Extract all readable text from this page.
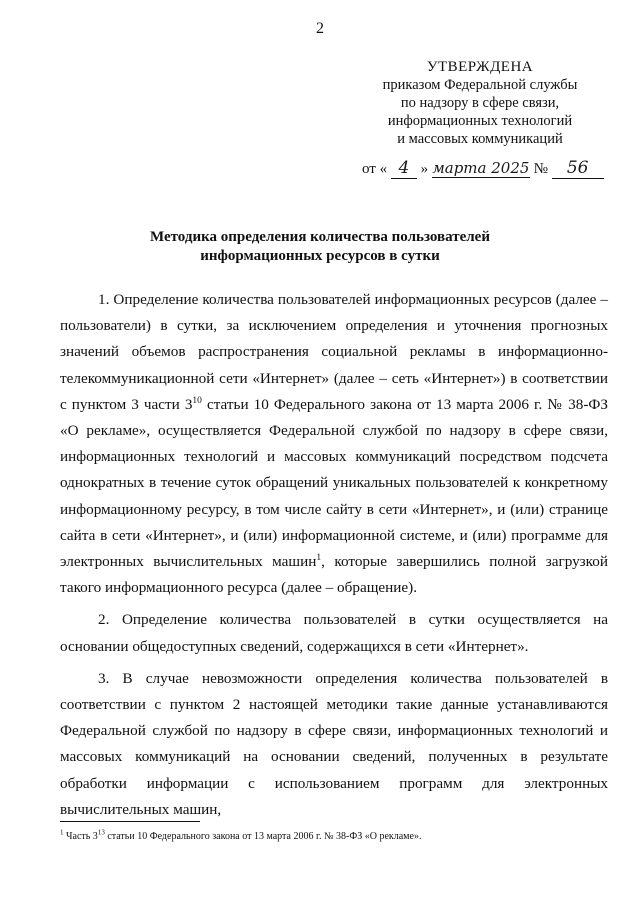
2
УТВЕРЖДЕНА
приказом Федеральной службы
по надзору в сфере связи,
информационных технологий
и массовых коммуникаций
от « 4 » марта 2025 № 56
Методика определения количества пользователей
информационных ресурсов в сутки

1. Определение количества пользователей информационных ресурсов (далее – пользователи) в сутки, за исключением определения и уточнения прогнозных значений объемов распространения социальной рекламы в информационно-телекоммуникационной сети «Интернет» (далее – сеть «Интернет») в соответствии с пунктом 3 части $3^{10}$ статьи 10 Федерального закона от 13 марта 2006 г. № 38-ФЗ «О рекламе», осуществляется Федеральной службой по надзору в сфере связи, информационных технологий и массовых коммуникаций посредством подсчета однократных в течение суток обращений уникальных пользователей к конкретному информационному ресурсу, в том числе сайту в сети «Интернет», и (или) странице сайта в сети «Интернет», и (или) информационной системе, и (или) программе для электронных вычислительных машин$^1$, которые завершились полной загрузкой такого информационного ресурса (далее – обращение).

2. Определение количества пользователей в сутки осуществляется на основании общедоступных сведений, содержащихся в сети «Интернет».

3. В случае невозможности определения количества пользователей в соответствии с пунктом 2 настоящей методики такие данные устанавливаются Федеральной службой по надзору в сфере связи, информационных технологий и массовых коммуникаций на основании сведений, полученных в результате обработки информации с использованием программ для электронных вычислительных машин,

$^1$ Часть $3^{13}$ статьи 10 Федерального закона от 13 марта 2006 г. № 38-ФЗ «О рекламе».
